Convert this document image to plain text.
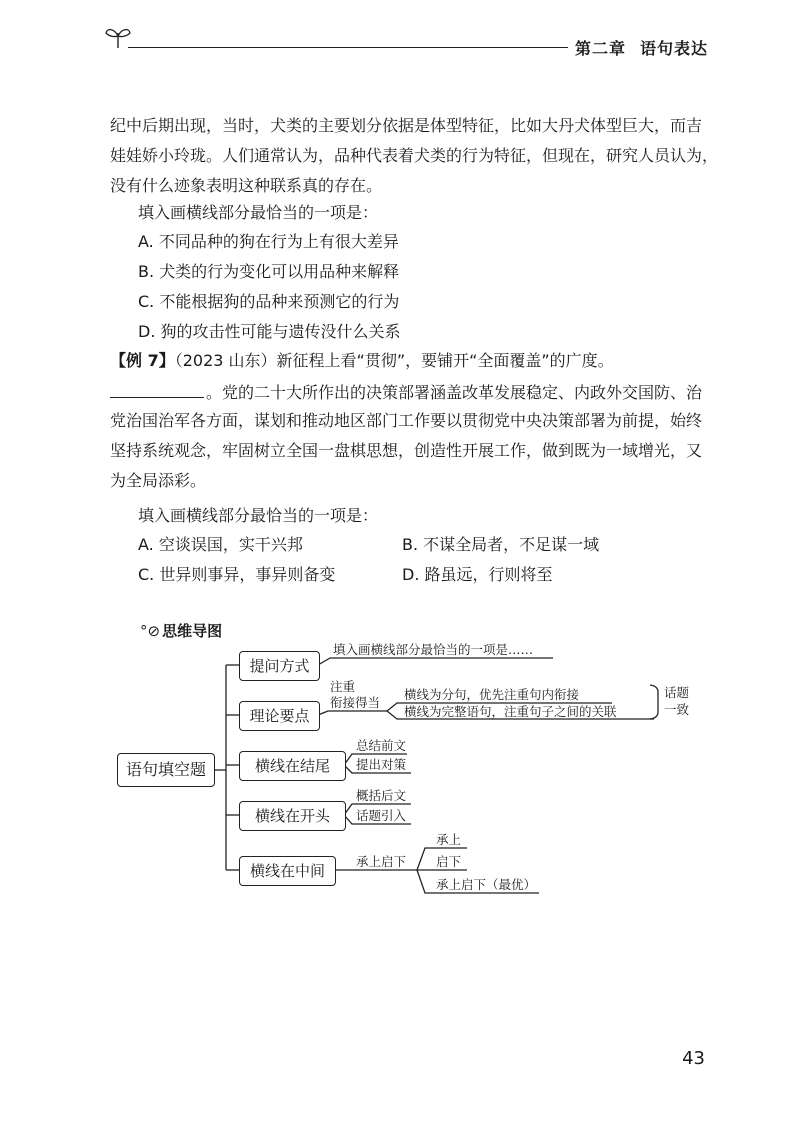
第二章 语句表达
纪中后期出现，当时，犬类的主要划分依据是体型特征，比如大丹犬体型巨大，而吉
娃娃娇小玲珑。人们通常认为，品种代表着犬类的行为特征，但现在，研究人员认为，
没有什么迹象表明这种联系真的存在。
填入画横线部分最恰当的一项是：
A. 不同品种的狗在行为上有很大差异
B. 犬类的行为变化可以用品种来解释
C. 不能根据狗的品种来预测它的行为
D. 狗的攻击性可能与遗传没什么关系
【例 7】（2023 山东）新征程上看“贯彻”，要铺开“全面覆盖”的广度。
。党的二十大所作出的决策部署涵盖改革发展稳定、内政外交国防、治
党治国治军各方面，谋划和推动地区部门工作要以贯彻党中央决策部署为前提，始终
坚持系统观念，牢固树立全国一盘棋思想，创造性开展工作，做到既为一域增光，又
为全局添彩。
填入画横线部分最恰当的一项是：
A. 空谈误国，实干兴邦	B. 不谋全局者，不足谋一域
C. 世异则事异，事异则备变	D. 路虽远，行则将至
°⊘ 思维导图
语句填空题
提问方式
理论要点
横线在结尾
横线在开头
横线在中间
填入画横线部分最恰当的一项是……
注重
衔接得当
横线为分句，优先注重句内衔接
横线为完整语句，注重句子之间的关联
话题
一致
总结前文
提出对策
概括后文
话题引入
承上启下
承上
启下
承上启下（最优）
43
